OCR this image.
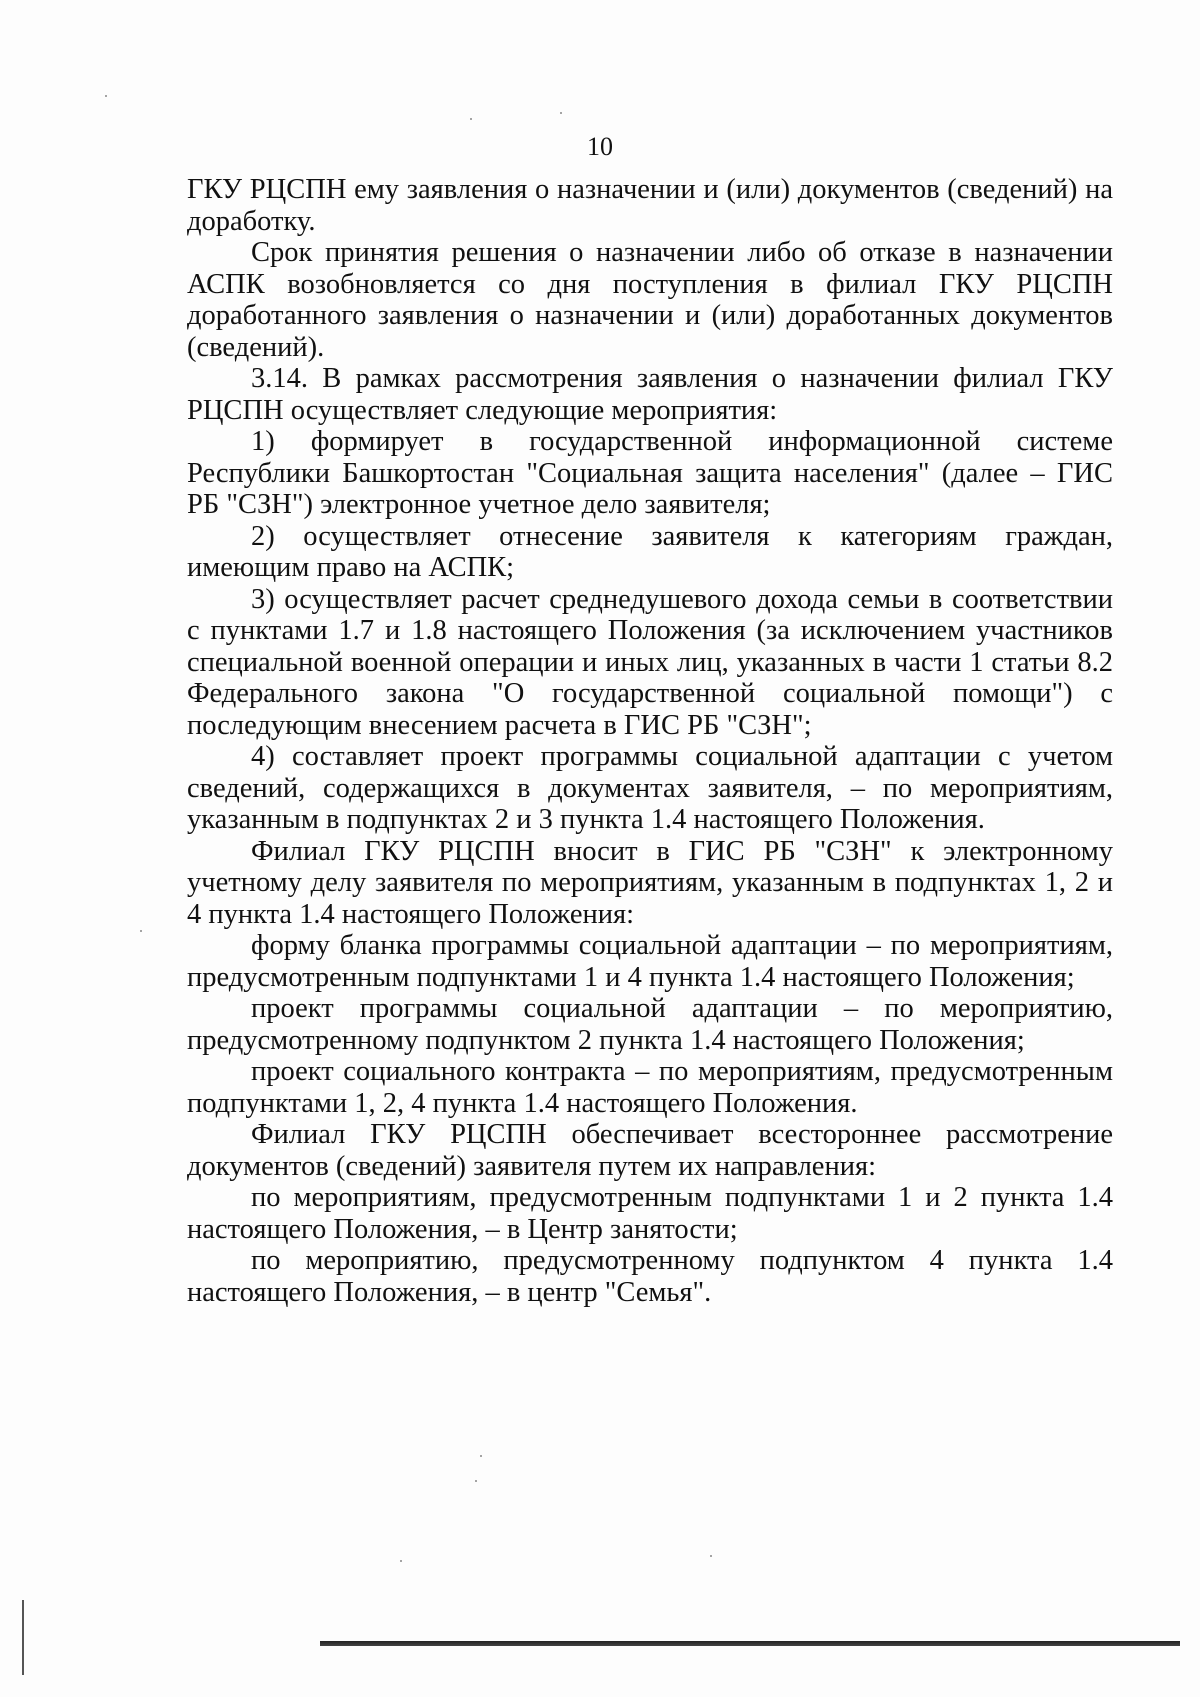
10

ГКУ РЦСПН ему заявления о назначении и (или) документов (сведений) на доработку.

Срок принятия решения о назначении либо об отказе в назначении АСПК возобновляется со дня поступления в филиал ГКУ РЦСПН доработанного заявления о назначении и (или) доработанных документов (сведений).

3.14. В рамках рассмотрения заявления о назначении филиал ГКУ РЦСПН осуществляет следующие мероприятия:

1) формирует в государственной информационной системе Республики Башкортостан "Социальная защита населения" (далее – ГИС РБ "СЗН") электронное учетное дело заявителя;

2) осуществляет отнесение заявителя к категориям граждан, имеющим право на АСПК;

3) осуществляет расчет среднедушевого дохода семьи в соответствии с пунктами 1.7 и 1.8 настоящего Положения (за исключением участников специальной военной операции и иных лиц, указанных в части 1 статьи 8.2 Федерального закона "О государственной социальной помощи") с последующим внесением расчета в ГИС РБ "СЗН";

4) составляет проект программы социальной адаптации с учетом сведений, содержащихся в документах заявителя, – по мероприятиям, указанным в подпунктах 2 и 3 пункта 1.4 настоящего Положения.

Филиал ГКУ РЦСПН вносит в ГИС РБ "СЗН" к электронному учетному делу заявителя по мероприятиям, указанным в подпунктах 1, 2 и 4 пункта 1.4 настоящего Положения:

форму бланка программы социальной адаптации – по мероприятиям, предусмотренным подпунктами 1 и 4 пункта 1.4 настоящего Положения;

проект программы социальной адаптации – по мероприятию, предусмотренному подпунктом 2 пункта 1.4 настоящего Положения;

проект социального контракта – по мероприятиям, предусмотренным подпунктами 1, 2, 4 пункта 1.4 настоящего Положения.

Филиал ГКУ РЦСПН обеспечивает всестороннее рассмотрение документов (сведений) заявителя путем их направления:

по мероприятиям, предусмотренным подпунктами 1 и 2 пункта 1.4 настоящего Положения, – в Центр занятости;

по мероприятию, предусмотренному подпунктом 4 пункта 1.4 настоящего Положения, – в центр "Семья".
